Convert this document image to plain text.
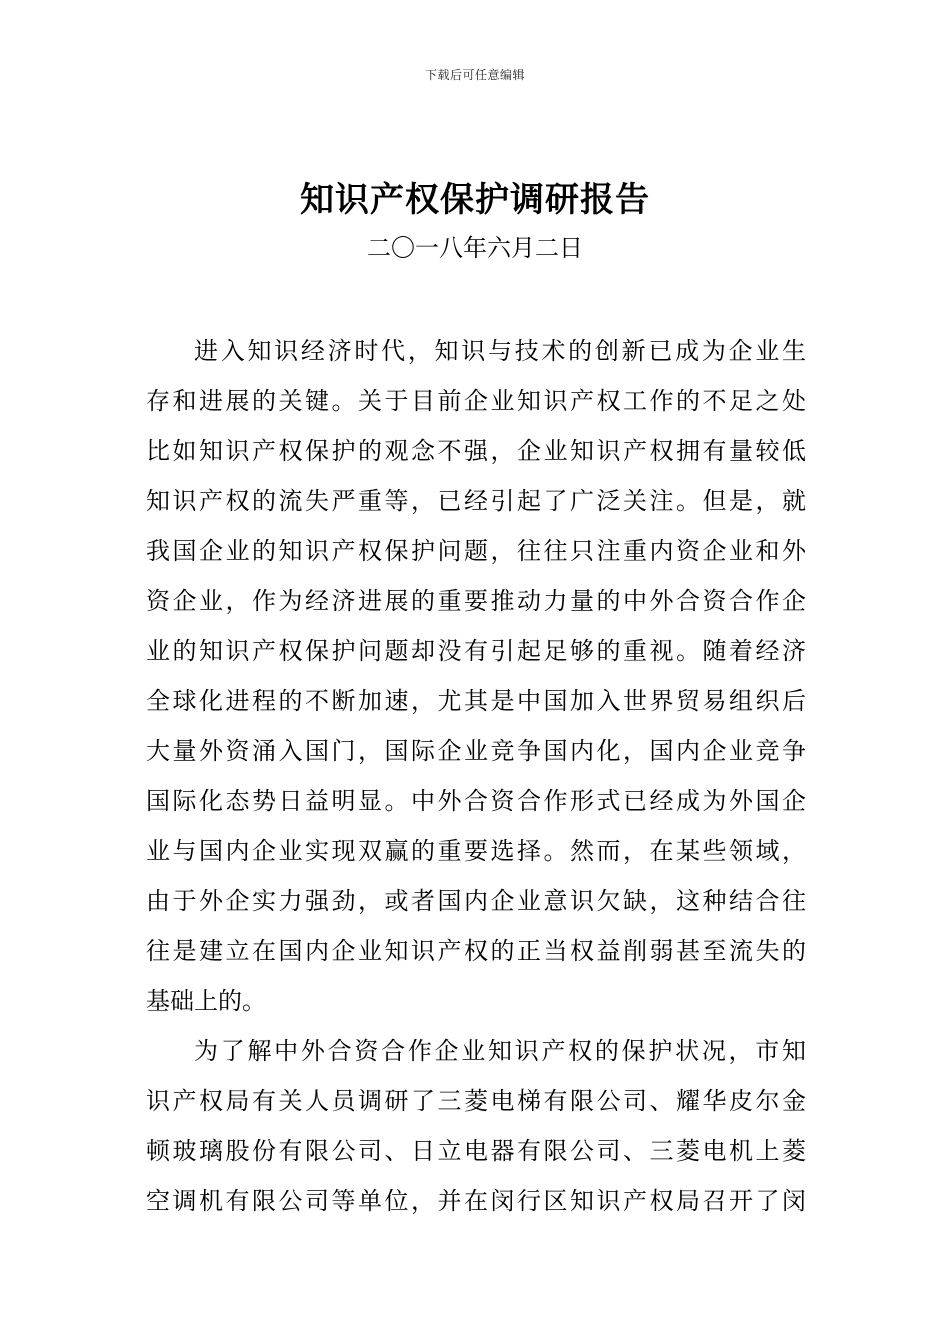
下载后可任意编辑
知识产权保护调研报告
二〇一八年六月二日
进入知识经济时代，知识与技术的创新已成为企业生
存和进展的关键。关于目前企业知识产权工作的不足之处
比如知识产权保护的观念不强，企业知识产权拥有量较低
知识产权的流失严重等，已经引起了广泛关注。但是，就
我国企业的知识产权保护问题，往往只注重内资企业和外
资企业，作为经济进展的重要推动力量的中外合资合作企
业的知识产权保护问题却没有引起足够的重视。随着经济
全球化进程的不断加速，尤其是中国加入世界贸易组织后
大量外资涌入国门，国际企业竞争国内化，国内企业竞争
国际化态势日益明显。中外合资合作形式已经成为外国企
业与国内企业实现双赢的重要选择。然而，在某些领域，
由于外企实力强劲，或者国内企业意识欠缺，这种结合往
往是建立在国内企业知识产权的正当权益削弱甚至流失的
基础上的。
为了解中外合资合作企业知识产权的保护状况，市知
识产权局有关人员调研了三菱电梯有限公司、耀华皮尔金
顿玻璃股份有限公司、日立电器有限公司、三菱电机上菱
空调机有限公司等单位，并在闵行区知识产权局召开了闵
